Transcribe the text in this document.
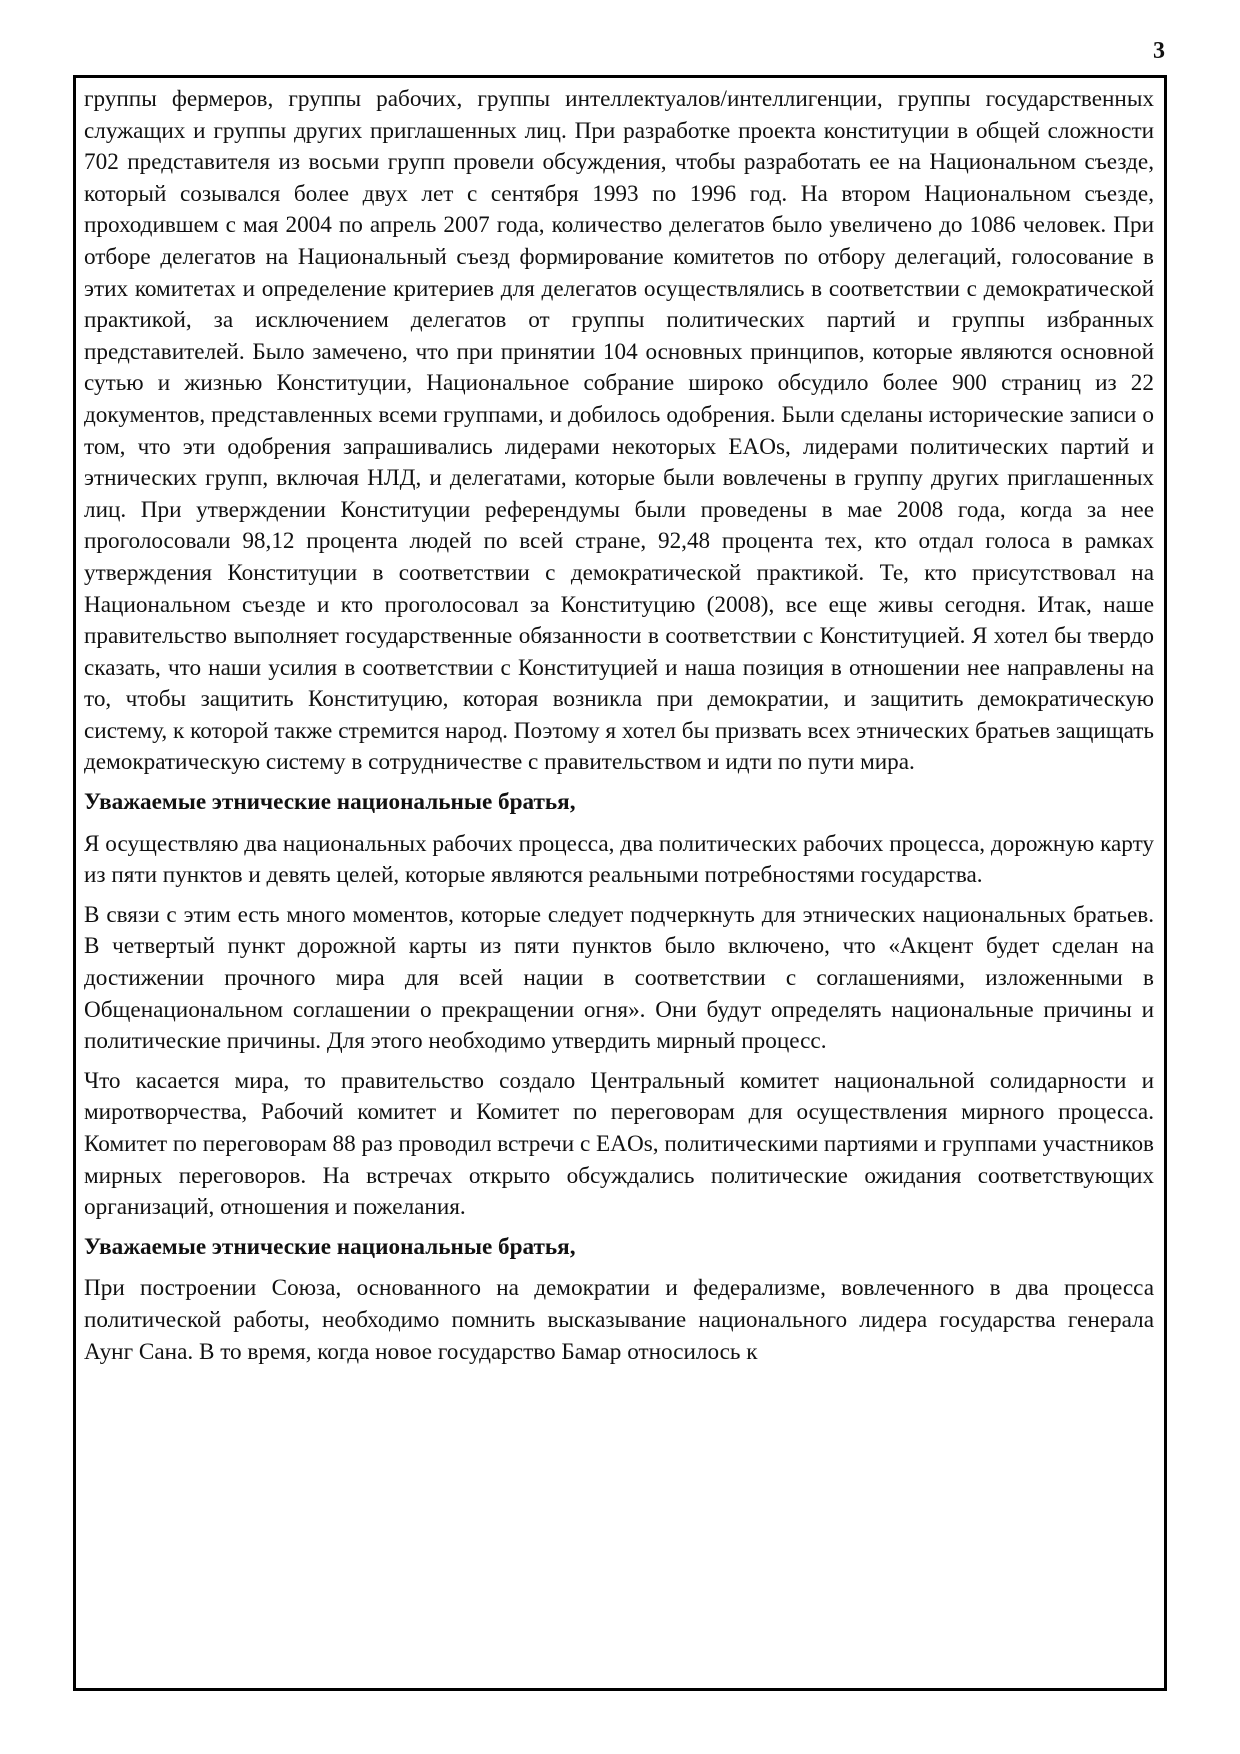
3

группы фермеров, группы рабочих, группы интеллектуалов/интеллигенции, группы государственных служащих и группы других приглашенных лиц. При разработке проекта конституции в общей сложности 702 представителя из восьми групп провели обсуждения, чтобы разработать ее на Национальном съезде, который созывался более двух лет с сентября 1993 по 1996 год. На втором Национальном съезде, проходившем с мая 2004 по апрель 2007 года, количество делегатов было увеличено до 1086 человек. При отборе делегатов на Национальный съезд формирование комитетов по отбору делегаций, голосование в этих комитетах и определение критериев для делегатов осуществлялись в соответствии с демократической практикой, за исключением делегатов от группы политических партий и группы избранных представителей. Было замечено, что при принятии 104 основных принципов, которые являются основной сутью и жизнью Конституции, Национальное собрание широко обсудило более 900 страниц из 22 документов, представленных всеми группами, и добилось одобрения. Были сделаны исторические записи о том, что эти одобрения запрашивались лидерами некоторых EAOs, лидерами политических партий и этнических групп, включая НЛД, и делегатами, которые были вовлечены в группу других приглашенных лиц. При утверждении Конституции референдумы были проведены в мае 2008 года, когда за нее проголосовали 98,12 процента людей по всей стране, 92,48 процента тех, кто отдал голоса в рамках утверждения Конституции в соответствии с демократической практикой. Те, кто присутствовал на Национальном съезде и кто проголосовал за Конституцию (2008), все еще живы сегодня. Итак, наше правительство выполняет государственные обязанности в соответствии с Конституцией. Я хотел бы твердо сказать, что наши усилия в соответствии с Конституцией и наша позиция в отношении нее направлены на то, чтобы защитить Конституцию, которая возникла при демократии, и защитить демократическую систему, к которой также стремится народ. Поэтому я хотел бы призвать всех этнических братьев защищать демократическую систему в сотрудничестве с правительством и идти по пути мира.

Уважаемые этнические национальные братья,

Я осуществляю два национальных рабочих процесса, два политических рабочих процесса, дорожную карту из пяти пунктов и девять целей, которые являются реальными потребностями государства.

В связи с этим есть много моментов, которые следует подчеркнуть для этнических национальных братьев. В четвертый пункт дорожной карты из пяти пунктов было включено, что «Акцент будет сделан на достижении прочного мира для всей нации в соответствии с соглашениями, изложенными в Общенациональном соглашении о прекращении огня». Они будут определять национальные причины и политические причины. Для этого необходимо утвердить мирный процесс.

Что касается мира, то правительство создало Центральный комитет национальной солидарности и миротворчества, Рабочий комитет и Комитет по переговорам для осуществления мирного процесса. Комитет по переговорам 88 раз проводил встречи с EAOs, политическими партиями и группами участников мирных переговоров. На встречах открыто обсуждались политические ожидания соответствующих организаций, отношения и пожелания.

Уважаемые этнические национальные братья,

При построении Союза, основанного на демократии и федерализме, вовлеченного в два процесса политической работы, необходимо помнить высказывание национального лидера государства генерала Аунг Сана. В то время, когда новое государство Бамар относилось к
